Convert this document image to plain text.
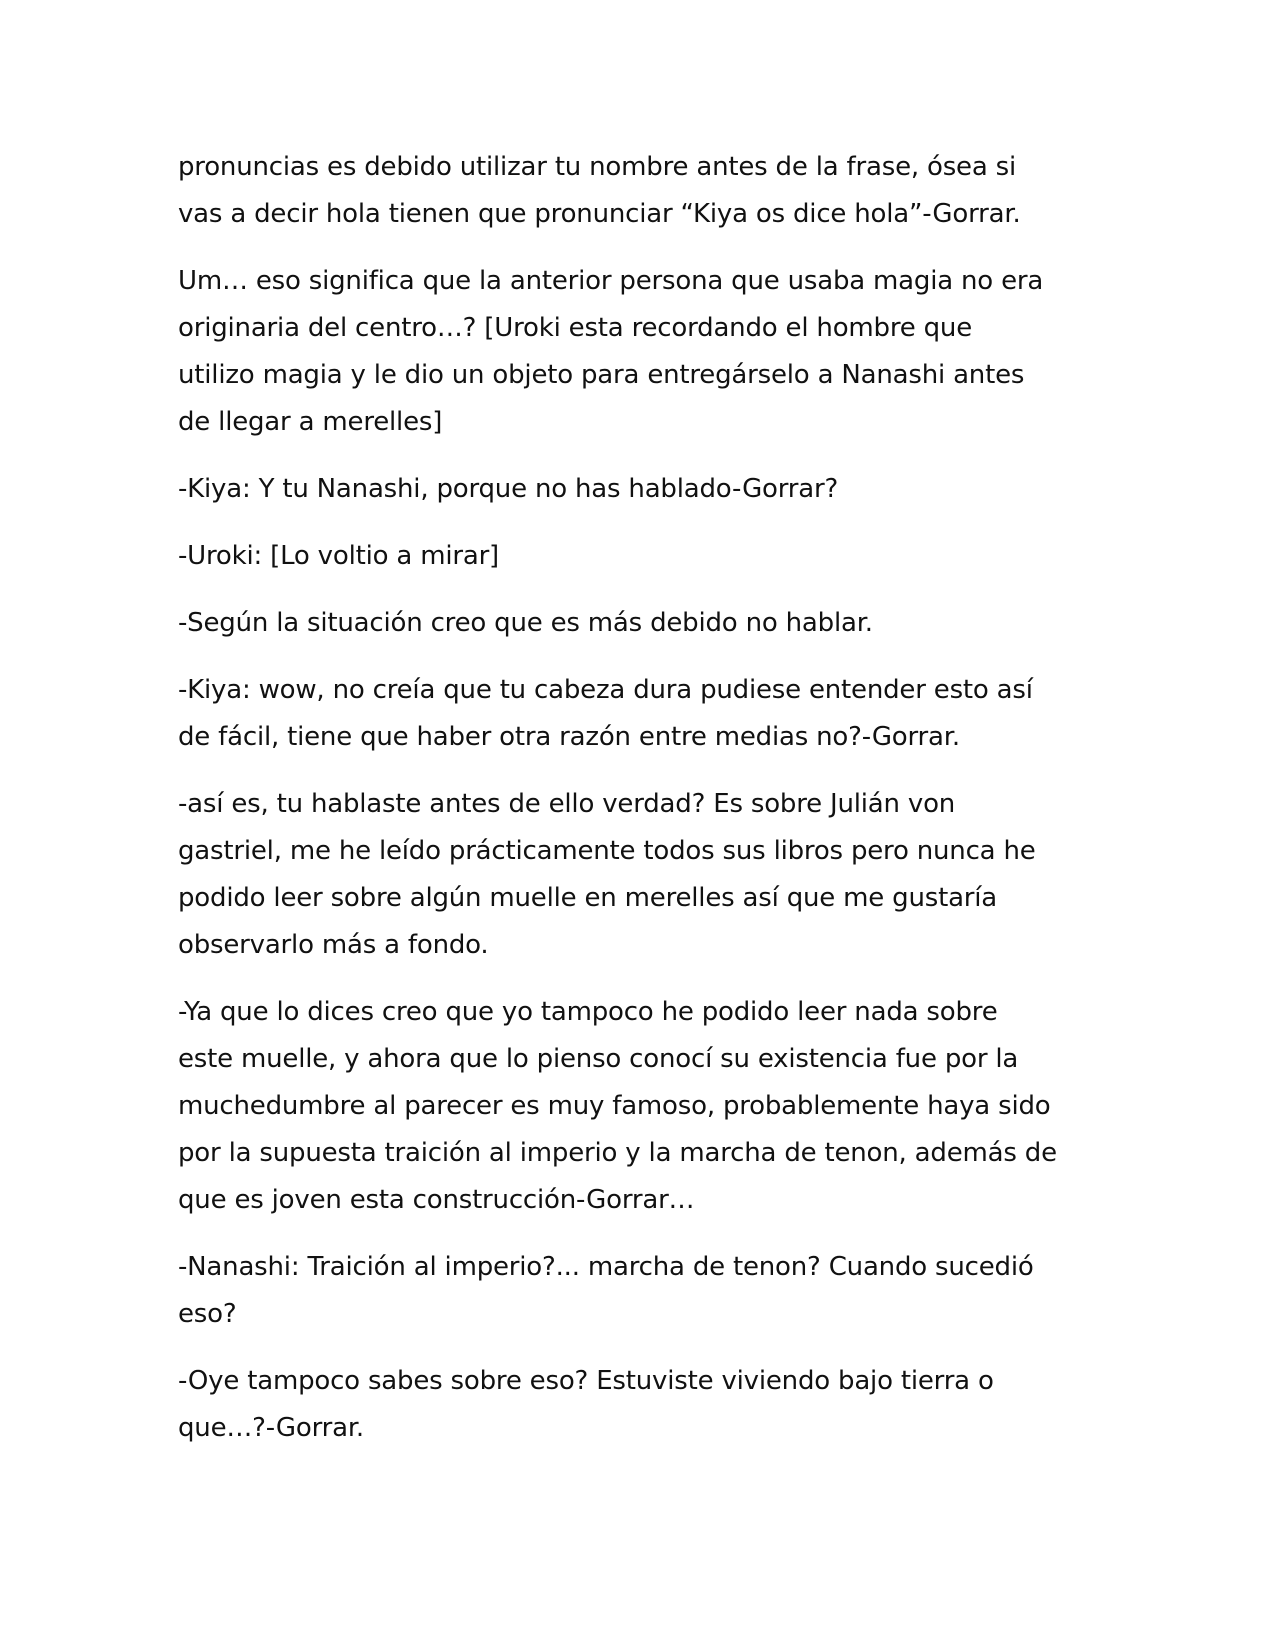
pronuncias es debido utilizar tu nombre antes de la frase, ósea si
vas a decir hola tienen que pronunciar “Kiya os dice hola”-Gorrar.

Um… eso significa que la anterior persona que usaba magia no era
originaria del centro…? [Uroki esta recordando el hombre que
utilizo magia y le dio un objeto para entregárselo a Nanashi antes
de llegar a merelles]

-Kiya: Y tu Nanashi, porque no has hablado-Gorrar?

-Uroki: [Lo voltio a mirar]

-Según la situación creo que es más debido no hablar.

-Kiya: wow, no creía que tu cabeza dura pudiese entender esto así
de fácil, tiene que haber otra razón entre medias no?-Gorrar.

-así es, tu hablaste antes de ello verdad? Es sobre Julián von
gastriel, me he leído prácticamente todos sus libros pero nunca he
podido leer sobre algún muelle en merelles así que me gustaría
observarlo más a fondo.

-Ya que lo dices creo que yo tampoco he podido leer nada sobre
este muelle, y ahora que lo pienso conocí su existencia fue por la
muchedumbre al parecer es muy famoso, probablemente haya sido
por la supuesta traición al imperio y la marcha de tenon, además de
que es joven esta construcción-Gorrar…

-Nanashi: Traición al imperio?... marcha de tenon? Cuando sucedió
eso?

-Oye tampoco sabes sobre eso? Estuviste viviendo bajo tierra o
que…?-Gorrar.
